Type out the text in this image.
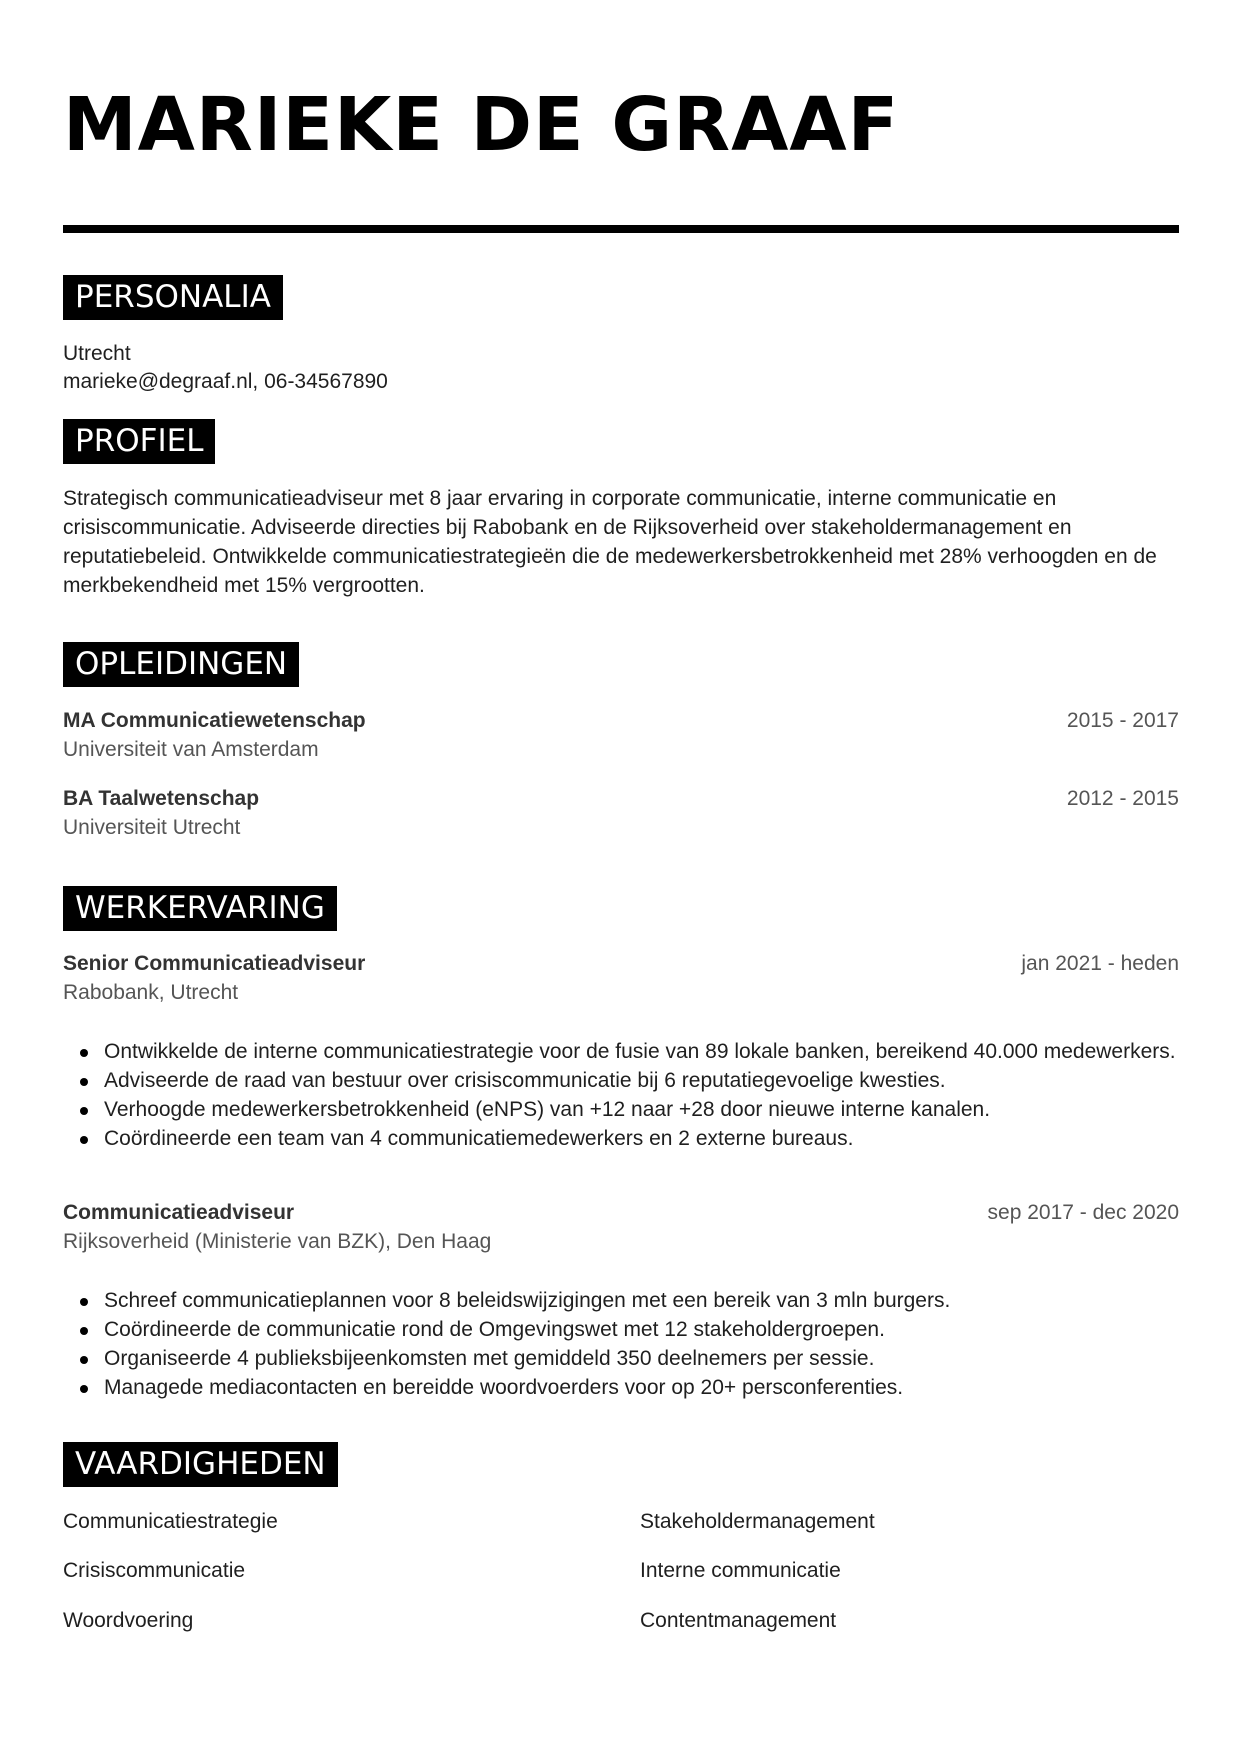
MARIEKE DE GRAAF
PERSONALIA
Utrecht
marieke@degraaf.nl, 06-34567890
PROFIEL
Strategisch communicatieadviseur met 8 jaar ervaring in corporate communicatie, interne communicatie en crisiscommunicatie. Adviseerde directies bij Rabobank en de Rijksoverheid over stakeholdermanagement en reputatiebeleid. Ontwikkelde communicatiestrategieën die de medewerkersbetrokkenheid met 28% verhoogden en de merkbekendheid met 15% vergrootten.
OPLEIDINGEN
MA Communicatiewetenschap	2015 - 2017
Universiteit van Amsterdam
BA Taalwetenschap	2012 - 2015
Universiteit Utrecht
WERKERVARING
Senior Communicatieadviseur	jan 2021 - heden
Rabobank, Utrecht
Ontwikkelde de interne communicatiestrategie voor de fusie van 89 lokale banken, bereikend 40.000 medewerkers.
Adviseerde de raad van bestuur over crisiscommunicatie bij 6 reputatiegevoelige kwesties.
Verhoogde medewerkersbetrokkenheid (eNPS) van +12 naar +28 door nieuwe interne kanalen.
Coördineerde een team van 4 communicatiemedewerkers en 2 externe bureaus.
Communicatieadviseur	sep 2017 - dec 2020
Rijksoverheid (Ministerie van BZK), Den Haag
Schreef communicatieplannen voor 8 beleidswijzigingen met een bereik van 3 mln burgers.
Coördineerde de communicatie rond de Omgevingswet met 12 stakeholdergroepen.
Organiseerde 4 publieksbijeenkomsten met gemiddeld 350 deelnemers per sessie.
Managede mediacontacten en bereidde woordvoerders voor op 20+ persconferenties.
VAARDIGHEDEN
Communicatiestrategie	Stakeholdermanagement
Crisiscommunicatie	Interne communicatie
Woordvoering	Contentmanagement
